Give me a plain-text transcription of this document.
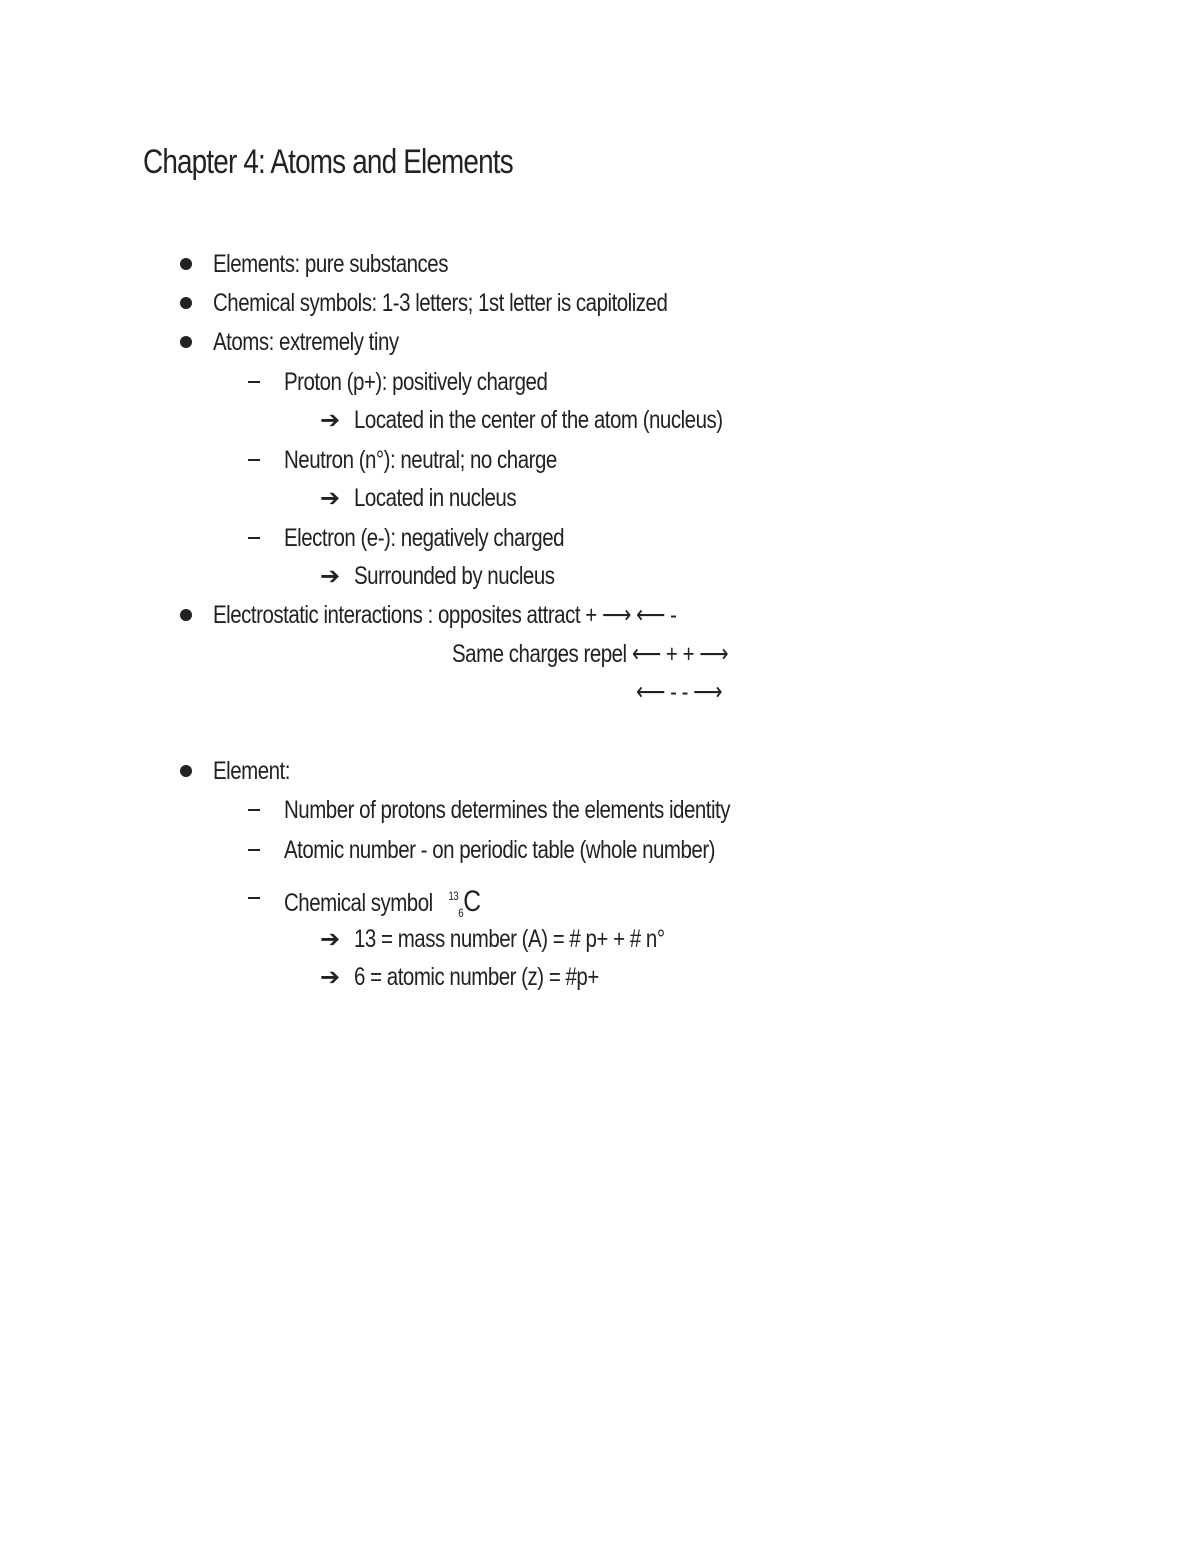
Chapter 4: Atoms and Elements
Elements: pure substances
Chemical symbols: 1-3 letters; 1st letter is capitolized
Atoms: extremely tiny
Proton (p+): positively charged
➔ Located in the center of the atom (nucleus)
Neutron (n°): neutral; no charge
➔ Located in nucleus
Electron (e-): negatively charged
➔ Surrounded by nucleus
Electrostatic interactions : opposites attract + ⟶ ⟵ -
Same charges repel ⟵ + + ⟶
⟵ - - ⟶
Element:
Number of protons determines the elements identity
Atomic number - on periodic table (whole number)
Chemical symbol $^{13}_6$C
➔ 13 = mass number (A) = # p+ + # n°
➔ 6 = atomic number (z) = #p+
